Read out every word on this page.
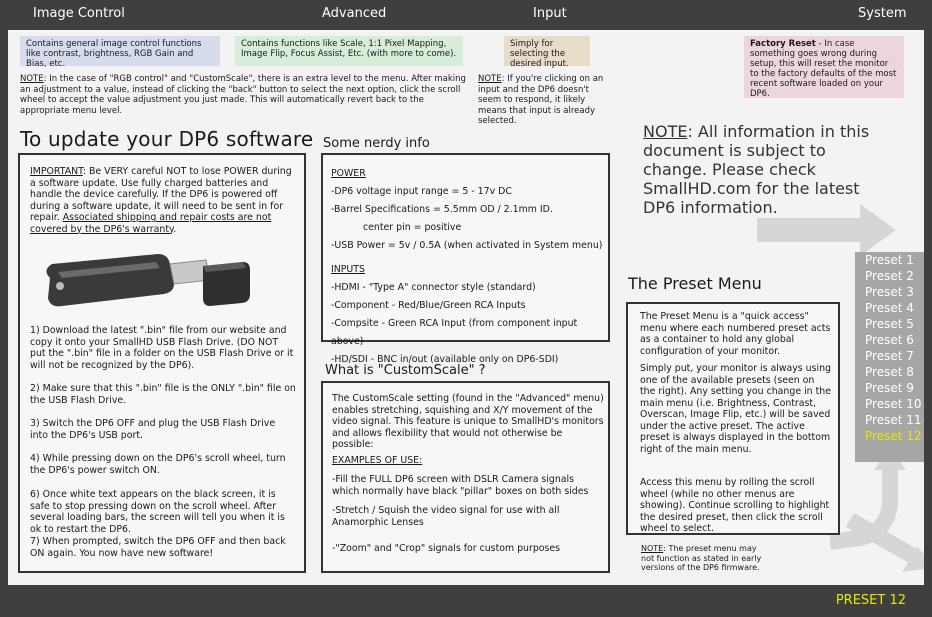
Image Control	Advanced	Input	System
Contains general image control functions like contrast, brightness, RGB Gain and Bias, etc.
Contains functions like Scale, 1:1 Pixel Mapping, Image Flip, Focus Assist, Etc. (with more to come).
Simply for selecting the desired input.
Factory Reset - In case something goes wrong during setup, this will reset the monitor to the factory defaults of the most recent software loaded on your DP6.
NOTE: In the case of "RGB control" and "CustomScale", there is an extra level to the menu. After making an adjustment to a value, instead of clicking the "back" button to select the next option, click the scroll wheel to accept the value adjustment you just made. This will automatically revert back to the appropriate menu level.
NOTE: If you're clicking on an input and the DP6 doesn't seem to respond, it likely means that input is already selected.
To update your DP6 software
IMPORTANT: Be VERY careful NOT to lose POWER during a software update. Use fully charged batteries and handle the device carefully. If the DP6 is powered off during a software update, it will need to be sent in for repair. Associated shipping and repair costs are not covered by the DP6's warranty.
1) Download the latest ".bin" file from our website and copy it onto your SmallHD USB Flash Drive. (DO NOT put the ".bin" file in a folder on the USB Flash Drive or it will not be recognized by the DP6).
2) Make sure that this ".bin" file is the ONLY ".bin" file on the USB Flash Drive.
3) Switch the DP6 OFF and plug the USB Flash Drive into the DP6's USB port.
4) While pressing down on the DP6's scroll wheel, turn the DP6's power switch ON.
6) Once white text appears on the black screen, it is safe to stop pressing down on the scroll wheel. After several loading bars, the screen will tell you when it is ok to restart the DP6.
7) When prompted, switch the DP6 OFF and then back ON again. You now have new software!
Some nerdy info
POWER
-DP6 voltage input range = 5 - 17v DC
-Barrel Specifications = 5.5mm OD / 2.1mm ID.
center pin = positive
-USB Power = 5v / 0.5A (when activated in System menu)
INPUTS
-HDMI - "Type A" connector style (standard)
-Component - Red/Blue/Green RCA Inputs
-Compsite - Green RCA Input (from component input above)
-HD/SDI - BNC in/out (available only on DP6-SDI)
What is "CustomScale" ?
The CustomScale setting (found in the "Advanced" menu) enables stretching, squishing and X/Y movement of the video signal. This feature is unique to SmallHD's monitors and allows flexibility that would not otherwise be possible:
EXAMPLES OF USE:
-Fill the FULL DP6 screen with DSLR Camera signals which normally have black "pillar" boxes on both sides
-Stretch / Squish the video signal for use with all Anamorphic Lenses
-"Zoom" and "Crop" signals for custom purposes
NOTE: All information in this document is subject to change. Please check SmallHD.com for the latest DP6 information.
Preset 1
Preset 2
Preset 3
Preset 4
Preset 5
Preset 6
Preset 7
Preset 8
Preset 9
Preset 10
Preset 11
Preset 12
The Preset Menu
The Preset Menu is a "quick access" menu where each numbered preset acts as a container to hold any global configuration of your monitor.
Simply put, your monitor is always using one of the available presets (seen on the right). Any setting you change in the main menu (i.e. Brightness, Contrast, Overscan, Image Flip, etc.) will be saved under the active preset. The active preset is always displayed in the bottom right of the main menu.
Access this menu by rolling the scroll wheel (while no other menus are showing). Continue scrolling to highlight the desired preset, then click the scroll wheel to select.
NOTE: The preset menu may not function as stated in early versions of the DP6 firmware.
PRESET 12
